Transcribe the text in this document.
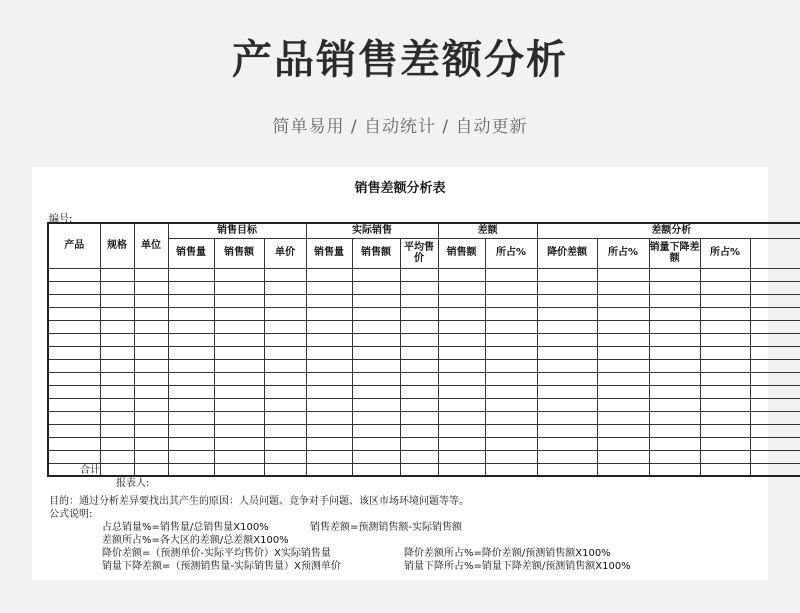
产品销售差额分析
简单易用 / 自动统计 / 自动更新
销售差额分析表
编号:
产品	规格	单位	销售目标			实际销售			差额		差额分析				
			销售量	销售额	单价	销售量	销售额	平均售价	销售额	所占%	降价差额	所占%	销量下降差额	所占%	

合计
报表人:
目的：通过分析差异要找出其产生的原因：人员问题、竞争对手问题、该区市场环境问题等等。
公式说明:
占总销量%=销售量/总销售量X100%	销售差额=预测销售额-实际销售额
差额所占%=各大区的差额/总差额X100%
降价差额=（预测单价-实际平均售价）X实际销售量	降价差额所占%=降价差额/预测销售额X100%
销量下降差额=（预测销售量-实际销售量）X预测单价	销量下降所占%=销量下降差额/预测销售额X100%
